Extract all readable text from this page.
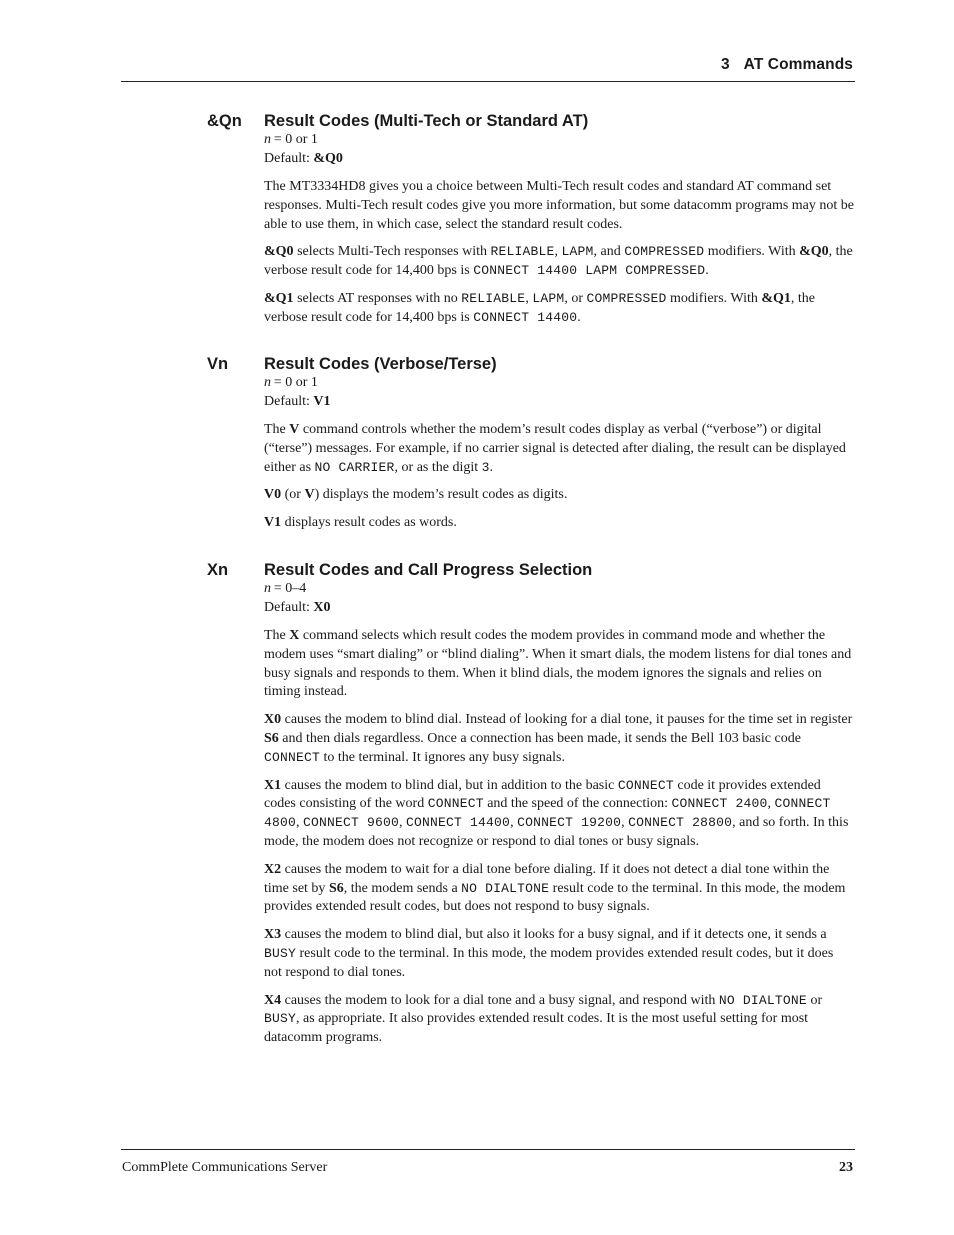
3 AT Commands
&Qn Result Codes (Multi-Tech or Standard AT)
n  = 0 or 1
Default: &Q0

The MT3334HD8 gives you a choice between Multi-Tech result codes and standard AT command set responses. Multi-Tech result codes give you more information, but some datacomm programs may not be able to use them, in which case, select the standard result codes.

&Q0 selects Multi-Tech responses with RELIABLE, LAPM, and COMPRESSED modifiers. With &Q0, the verbose result code for 14,400 bps is CONNECT 14400 LAPM COMPRESSED.

&Q1 selects AT responses with no RELIABLE, LAPM, or COMPRESSED modifiers. With &Q1, the verbose result code for 14,400 bps is CONNECT 14400.

Vn Result Codes (Verbose/Terse)
n  = 0 or 1
Default: V1

The V command controls whether the modem’s result codes display as verbal (“verbose”) or digital (“terse”) messages. For example, if no carrier signal is detected after dialing, the result can be displayed either as NO CARRIER, or as the digit 3.

V0 (or V) displays the modem’s result codes as digits.

V1 displays result codes as words.

Xn Result Codes and Call Progress Selection
n  = 0–4
Default: X0

The X command selects which result codes the modem provides in command mode and whether the modem uses “smart dialing” or “blind dialing”. When it smart dials, the modem listens for dial tones and busy signals and responds to them. When it blind dials, the modem ignores the signals and relies on timing instead.

X0 causes the modem to blind dial. Instead of looking for a dial tone, it pauses for the time set in register S6 and then dials regardless. Once a connection has been made, it sends the Bell 103 basic code CONNECT to the terminal. It ignores any busy signals.

X1 causes the modem to blind dial, but in addition to the basic CONNECT code it provides extended codes consisting of the word CONNECT and the speed of the connection: CONNECT 2400, CONNECT 4800, CONNECT 9600, CONNECT 14400, CONNECT 19200, CONNECT 28800, and so forth. In this mode, the modem does not recognize or respond to dial tones or busy signals.

X2 causes the modem to wait for a dial tone before dialing. If it does not detect a dial tone within the time set by S6, the modem sends a NO DIALTONE result code to the terminal. In this mode, the modem provides extended result codes, but does not respond to busy signals.

X3 causes the modem to blind dial, but also it looks for a busy signal, and if it detects one, it sends a BUSY result code to the terminal. In this mode, the modem provides extended result codes, but it does not respond to dial tones.

X4 causes the modem to look for a dial tone and a busy signal, and respond with NO DIALTONE or BUSY, as appropriate. It also provides extended result codes. It is the most useful setting for most datacomm programs.

CommPlete Communications Server	23
